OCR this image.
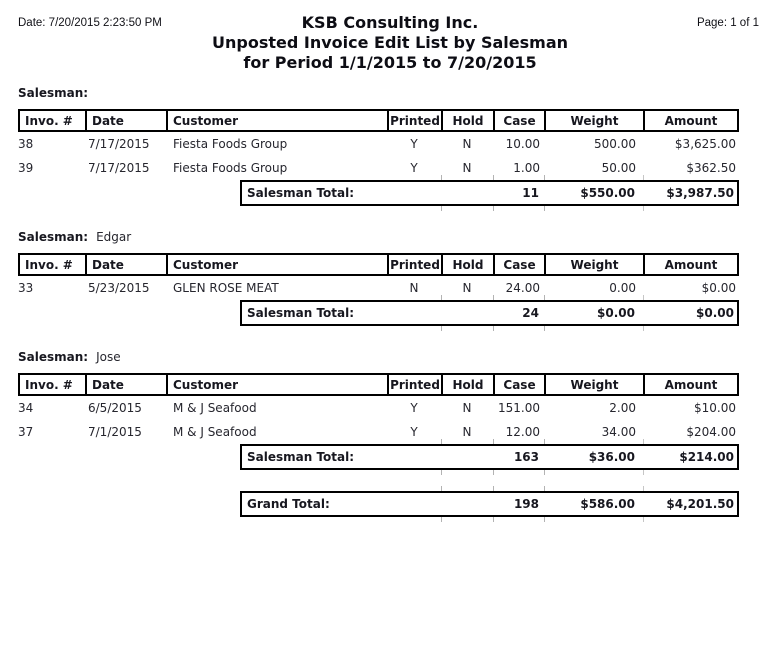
Date: 7/20/2015 2:23:50 PM	Page: 1 of 1
KSB Consulting Inc.
Unposted Invoice Edit List by Salesman
for Period 1/1/2015 to 7/20/2015
Salesman:
Invo. #	Date	Customer	Printed	Hold	Case	Weight	Amount
38	7/17/2015	Fiesta Foods Group	Y	N	10.00	500.00	$3,625.00
39	7/17/2015	Fiesta Foods Group	Y	N	1.00	50.00	$362.50
Salesman Total:	11	$550.00	$3,987.50
Salesman: Edgar
Invo. #	Date	Customer	Printed	Hold	Case	Weight	Amount
33	5/23/2015	GLEN ROSE MEAT	N	N	24.00	0.00	$0.00
Salesman Total:	24	$0.00	$0.00
Salesman: Jose
Invo. #	Date	Customer	Printed	Hold	Case	Weight	Amount
34	6/5/2015	M & J Seafood	Y	N	151.00	2.00	$10.00
37	7/1/2015	M & J Seafood	Y	N	12.00	34.00	$204.00
Salesman Total:	163	$36.00	$214.00
Grand Total:	198	$586.00	$4,201.50
